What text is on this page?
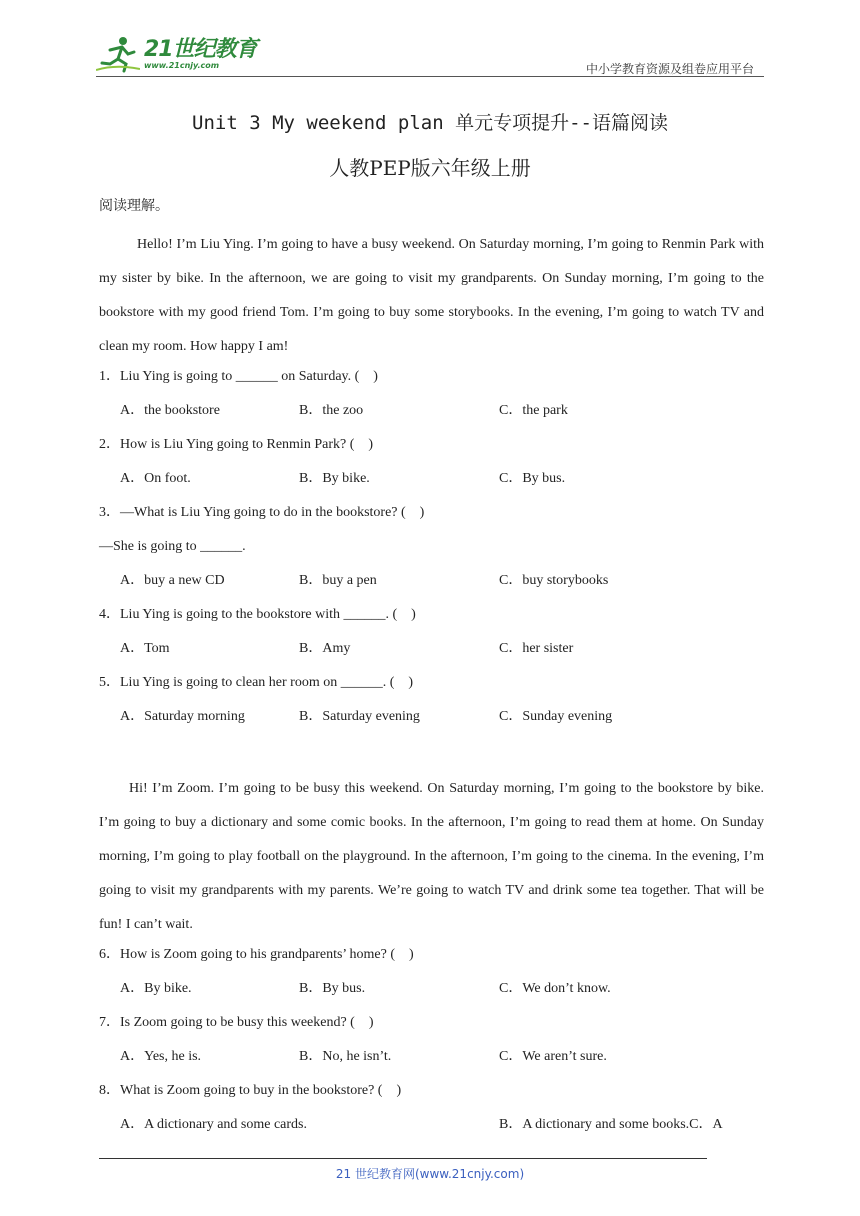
21世纪教育
www.21cnjy.com	中小学教育资源及组卷应用平台
Unit 3 My weekend plan 单元专项提升--语篇阅读
人教PEP版六年级上册
阅读理解。

Hello! I’m Liu Ying. I’m going to have a busy weekend. On Saturday morning, I’m going to Renmin Park with my sister by bike. In the afternoon, we are going to visit my grandparents. On Sunday morning, I’m going to the bookstore with my good friend Tom. I’m going to buy some storybooks. In the evening, I’m going to watch TV and clean my room. How happy I am!

1．Liu Ying is going to ______ on Saturday. (　)
A．the bookstore	B．the zoo	C．the park
2．How is Liu Ying going to Renmin Park? (　)
A．On foot.	B．By bike.	C．By bus.
3．—What is Liu Ying going to do in the bookstore? (　)
—She is going to ______.
A．buy a new CD	B．buy a pen	C．buy storybooks
4．Liu Ying is going to the bookstore with ______. (　)
A．Tom	B．Amy	C．her sister
5．Liu Ying is going to clean her room on ______. (　)
A．Saturday morning	B．Saturday evening	C．Sunday evening

Hi! I’m Zoom. I’m going to be busy this weekend. On Saturday morning, I’m going to the bookstore by bike. I’m going to buy a dictionary and some comic books. In the afternoon, I’m going to read them at home. On Sunday morning, I’m going to play football on the playground. In the afternoon, I’m going to the cinema. In the evening, I’m going to visit my grandparents with my parents. We’re going to watch TV and drink some tea together. That will be fun! I can’t wait.

6．How is Zoom going to his grandparents’ home? (　)
A．By bike.	B．By bus.	C．We don’t know.
7．Is Zoom going to be busy this weekend? (　)
A．Yes, he is.	B．No, he isn’t.	C．We aren’t sure.
8．What is Zoom going to buy in the bookstore? (　)
A．A dictionary and some cards.	B．A dictionary and some books.C．A
21 世纪教育网(www.21cnjy.com)
